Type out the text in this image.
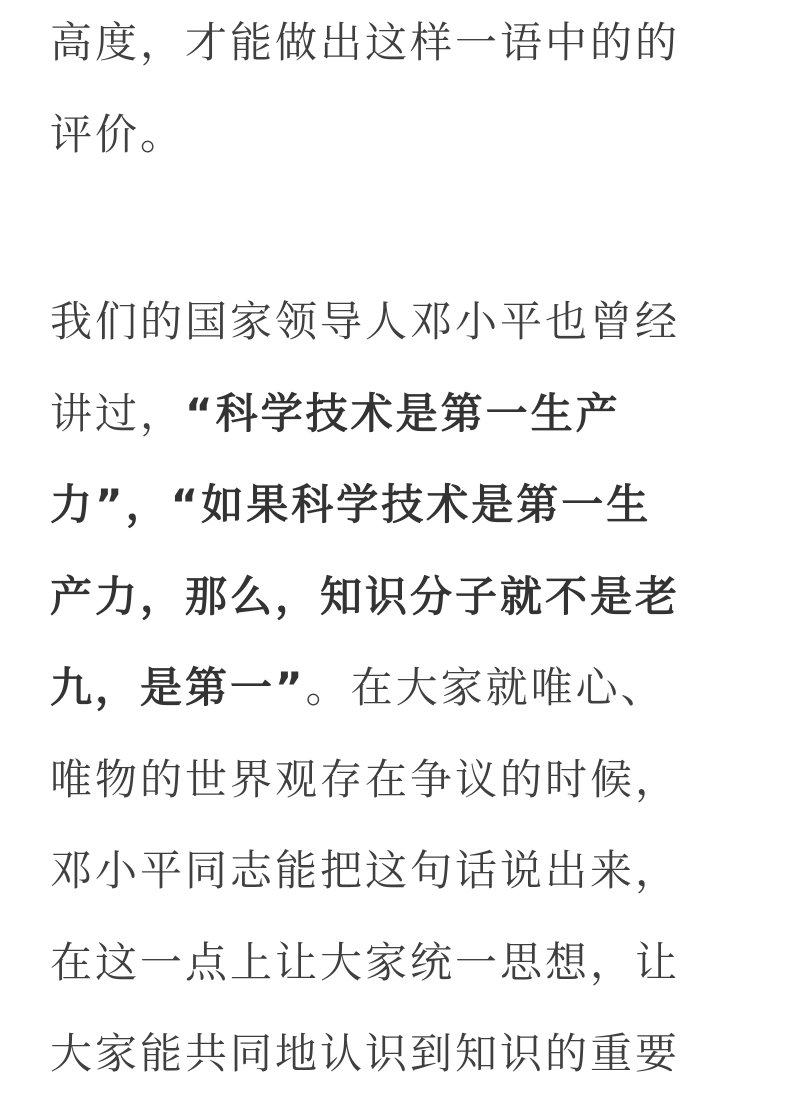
高度，才能做出这样一语中的的
评价。
我们的国家领导人邓小平也曾经
讲过，“科学技术是第一生产
力”，“如果科学技术是第一生
产力，那么，知识分子就不是老
九，是第一”。在大家就唯心、
唯物的世界观存在争议的时候，
邓小平同志能把这句话说出来，
在这一点上让大家统一思想，让
大家能共同地认识到知识的重要
